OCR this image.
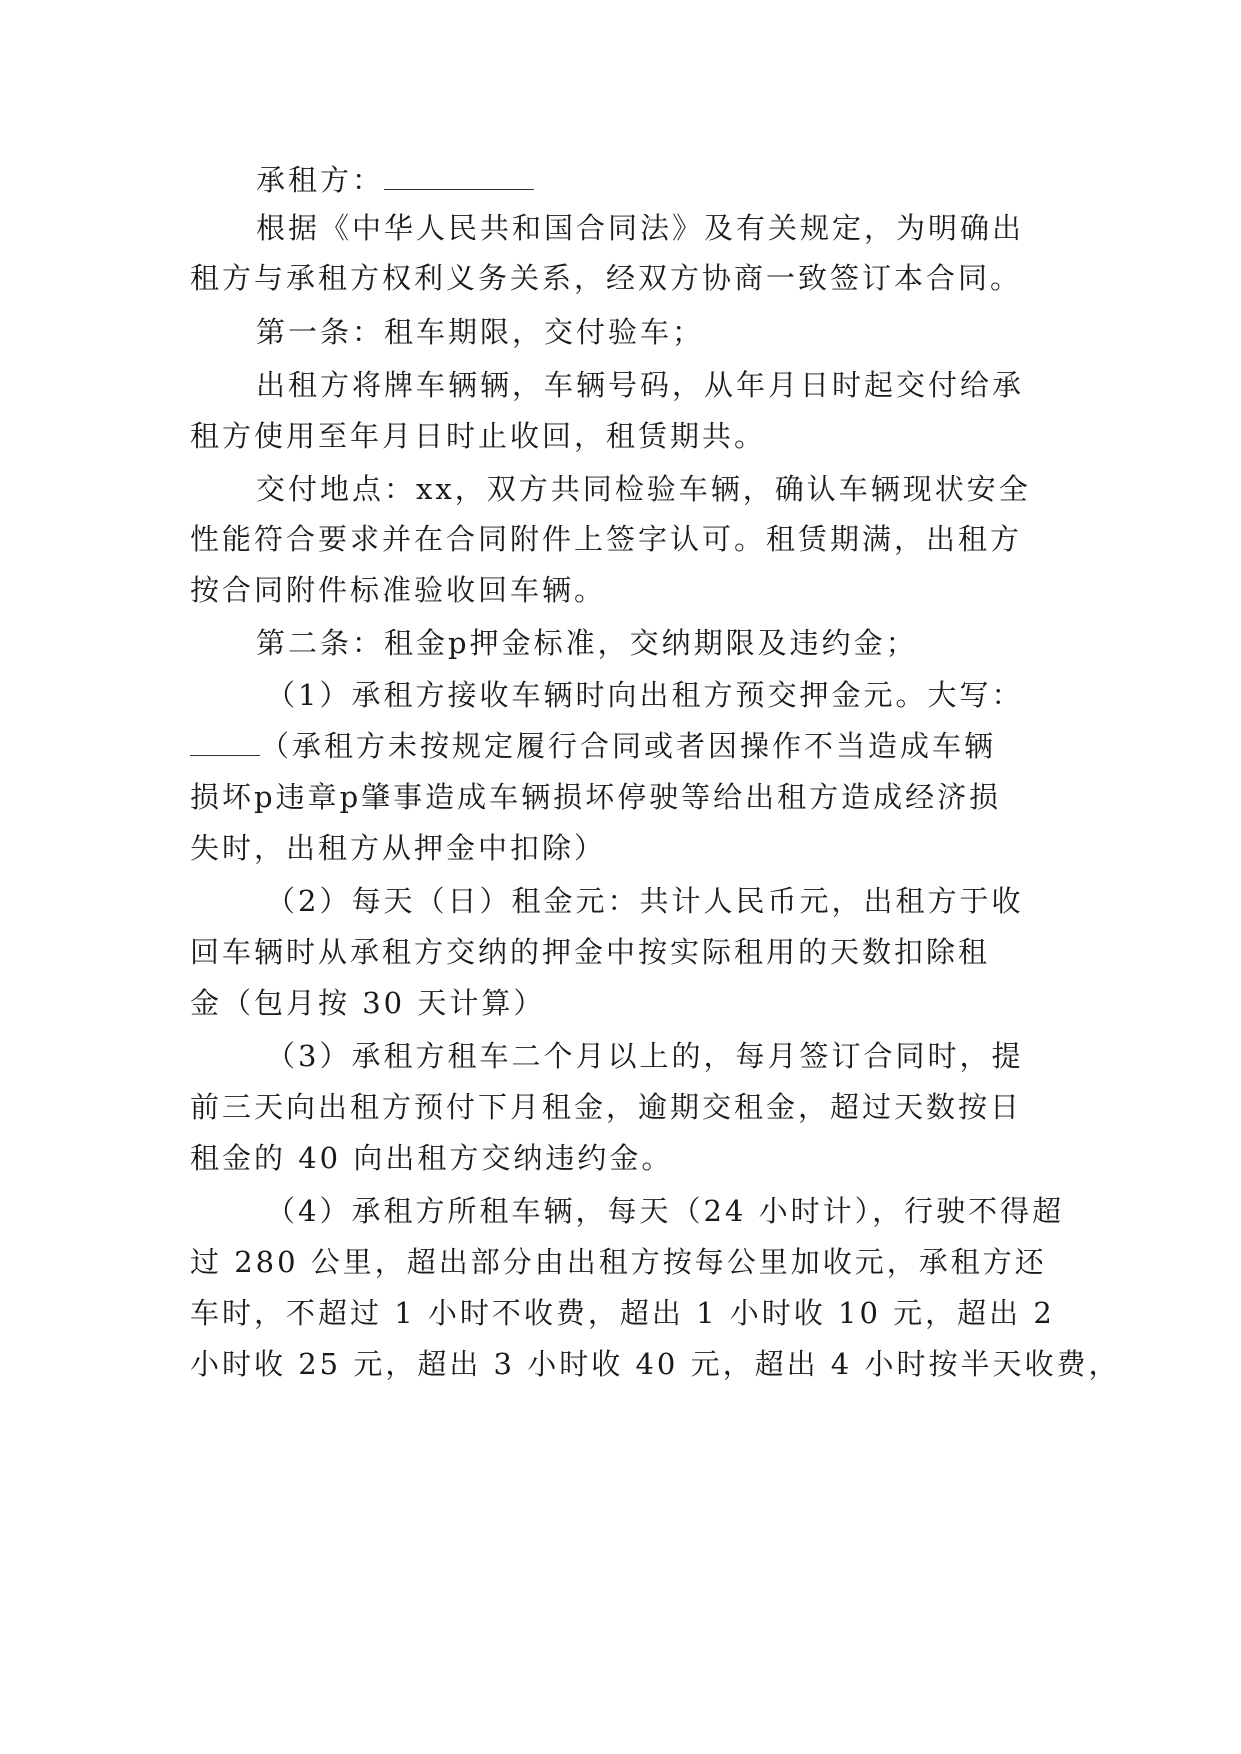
承租方：
根据《中华人民共和国合同法》及有关规定，为明确出
租方与承租方权利义务关系，经双方协商一致签订本合同。
第一条：租车期限，交付验车；
出租方将牌车辆辆，车辆号码，从年月日时起交付给承
租方使用至年月日时止收回，租赁期共。
交付地点：xx，双方共同检验车辆，确认车辆现状安全
性能符合要求并在合同附件上签字认可。租赁期满，出租方
按合同附件标准验收回车辆。
第二条：租金p押金标准，交纳期限及违约金；
（1）承租方接收车辆时向出租方预交押金元。大写：
（承租方未按规定履行合同或者因操作不当造成车辆
损坏p违章p肇事造成车辆损坏停驶等给出租方造成经济损
失时，出租方从押金中扣除）
（2）每天（日）租金元：共计人民币元，出租方于收
回车辆时从承租方交纳的押金中按实际租用的天数扣除租
金（包月按 30 天计算）
（3）承租方租车二个月以上的，每月签订合同时，提
前三天向出租方预付下月租金，逾期交租金，超过天数按日
租金的 40 向出租方交纳违约金。
（4）承租方所租车辆，每天（24 小时计），行驶不得超
过 280 公里，超出部分由出租方按每公里加收元，承租方还
车时，不超过 1 小时不收费，超出 1 小时收 10 元，超出 2
小时收 25 元，超出 3 小时收 40 元，超出 4 小时按半天收费，
